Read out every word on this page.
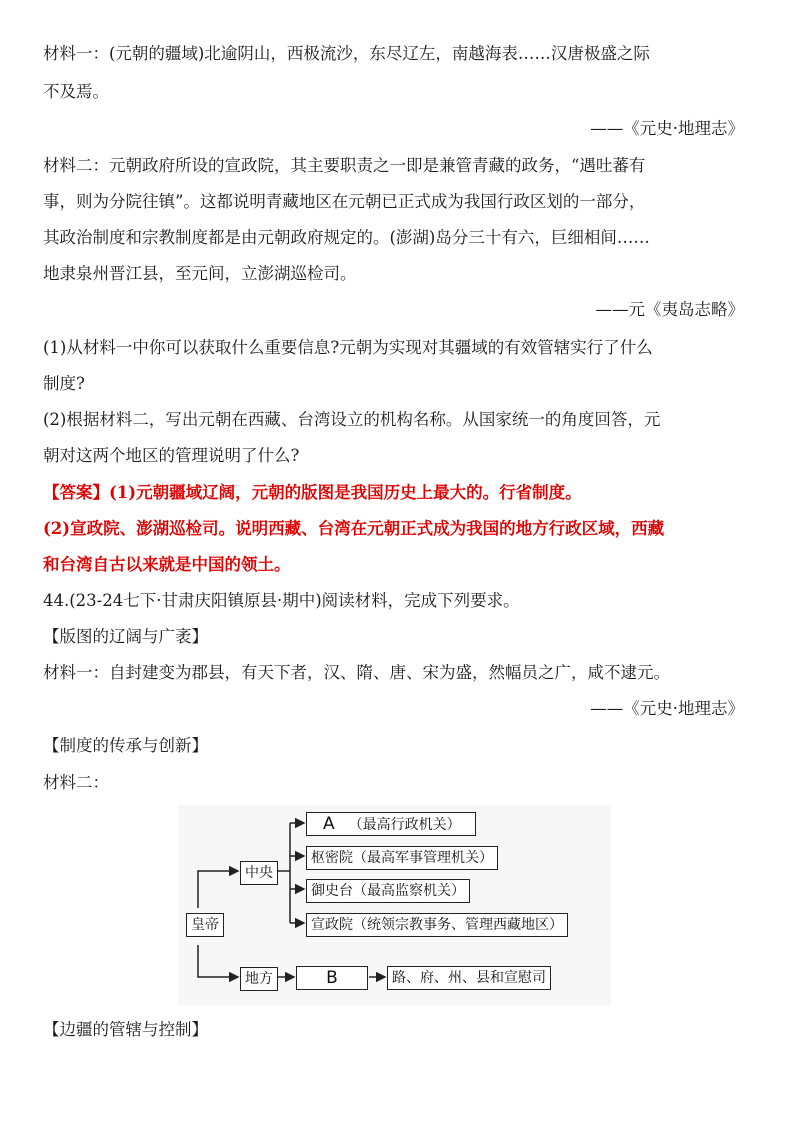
材料一：(元朝的疆域)北逾阴山，西极流沙，东尽辽左，南越海表……汉唐极盛之际
不及焉。
——《元史·地理志》
材料二：元朝政府所设的宣政院，其主要职责之一即是兼管青藏的政务，“遇吐蕃有
事，则为分院往镇”。这都说明青藏地区在元朝已正式成为我国行政区划的一部分，
其政治制度和宗教制度都是由元朝政府规定的。(澎湖)岛分三十有六，巨细相间……
地隶泉州晋江县，至元间，立澎湖巡检司。
——元《夷岛志略》
(1)从材料一中你可以获取什么重要信息?元朝为实现对其疆域的有效管辖实行了什么
制度?
(2)根据材料二，写出元朝在西藏、台湾设立的机构名称。从国家统一的角度回答，元
朝对这两个地区的管理说明了什么?
【答案】(1)元朝疆域辽阔，元朝的版图是我国历史上最大的。行省制度。
(2)宣政院、澎湖巡检司。说明西藏、台湾在元朝正式成为我国的地方行政区域，西藏
和台湾自古以来就是中国的领土。
44.(23-24七下·甘肃庆阳镇原县·期中)阅读材料，完成下列要求。
【版图的辽阔与广袤】
材料一：自封建变为郡县，有天下者，汉、隋、唐、宋为盛，然幅员之广，咸不逮元。
——《元史·地理志》
【制度的传承与创新】
材料二：
皇帝
中央
地方
A （最高行政机关）
枢密院（最高军事管理机关）
御史台（最高监察机关）
宣政院（统领宗教事务、管理西藏地区）
B	路、府、州、县和宣慰司
【边疆的管辖与控制】
